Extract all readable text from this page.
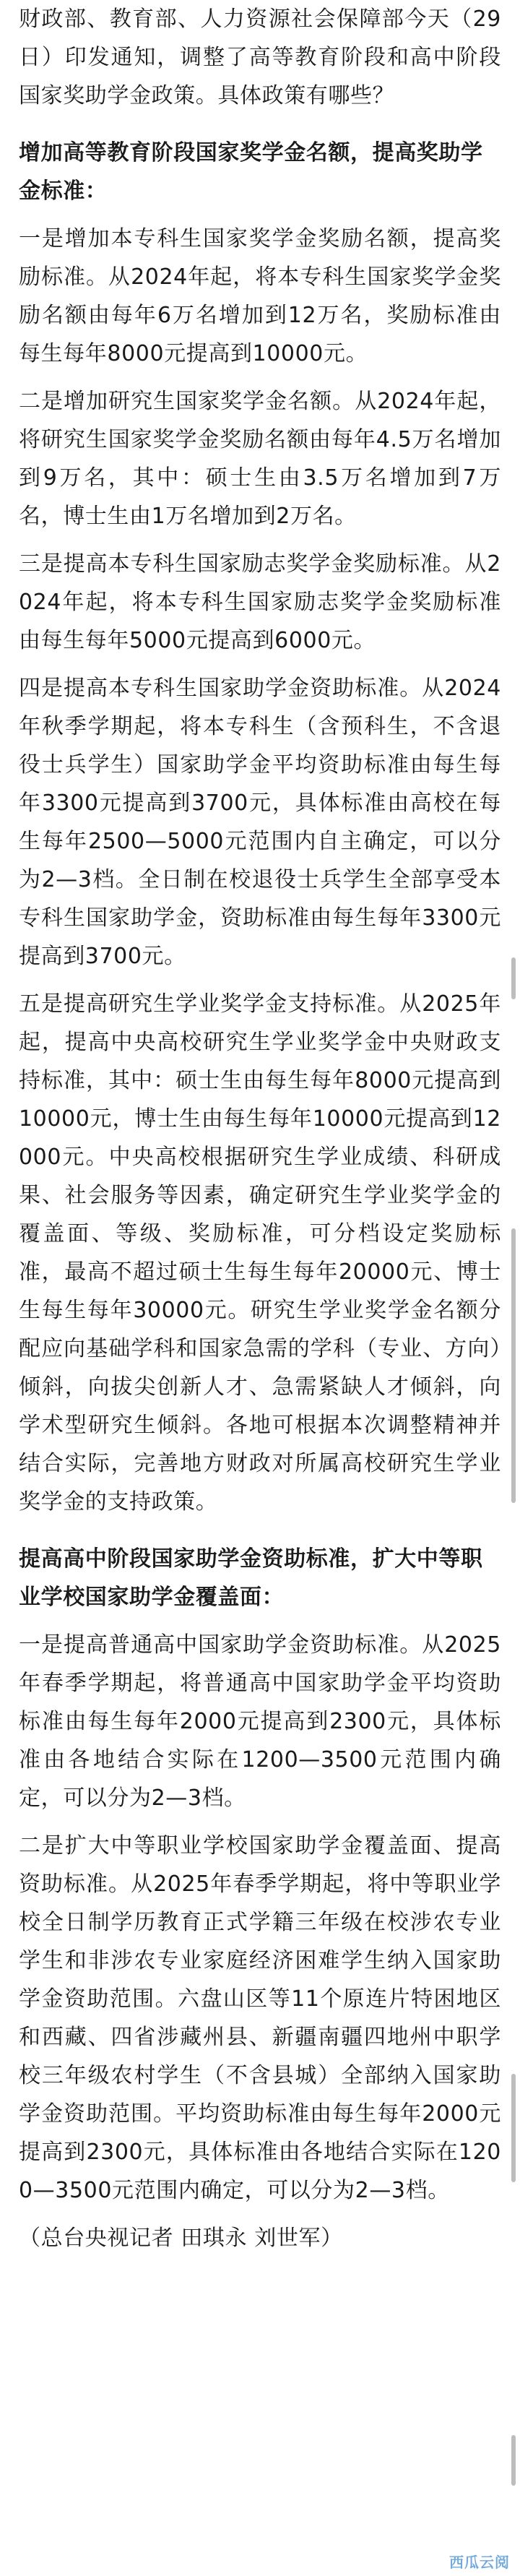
财政部、教育部、人力资源社会保障部今天（29日）印发通知，调整了高等教育阶段和高中阶段国家奖助学金政策。具体政策有哪些？

增加高等教育阶段国家奖学金名额，提高奖助学金标准：

一是增加本专科生国家奖学金奖励名额，提高奖励标准。从2024年起，将本专科生国家奖学金奖励名额由每年6万名增加到12万名，奖励标准由每生每年8000元提高到10000元。

二是增加研究生国家奖学金名额。从2024年起，将研究生国家奖学金奖励名额由每年4.5万名增加到9万名，其中：硕士生由3.5万名增加到7万名，博士生由1万名增加到2万名。

三是提高本专科生国家励志奖学金奖励标准。从2024年起，将本专科生国家励志奖学金奖励标准由每生每年5000元提高到6000元。

四是提高本专科生国家助学金资助标准。从2024年秋季学期起，将本专科生（含预科生，不含退役士兵学生）国家助学金平均资助标准由每生每年3300元提高到3700元，具体标准由高校在每生每年2500—5000元范围内自主确定，可以分为2—3档。全日制在校退役士兵学生全部享受本专科生国家助学金，资助标准由每生每年3300元提高到3700元。

五是提高研究生学业奖学金支持标准。从2025年起，提高中央高校研究生学业奖学金中央财政支持标准，其中：硕士生由每生每年8000元提高到10000元，博士生由每生每年10000元提高到12000元。中央高校根据研究生学业成绩、科研成果、社会服务等因素，确定研究生学业奖学金的覆盖面、等级、奖励标准，可分档设定奖励标准，最高不超过硕士生每生每年20000元、博士生每生每年30000元。研究生学业奖学金名额分配应向基础学科和国家急需的学科（专业、方向）倾斜，向拔尖创新人才、急需紧缺人才倾斜，向学术型研究生倾斜。各地可根据本次调整精神并结合实际，完善地方财政对所属高校研究生学业奖学金的支持政策。

提高高中阶段国家助学金资助标准，扩大中等职业学校国家助学金覆盖面：

一是提高普通高中国家助学金资助标准。从2025年春季学期起，将普通高中国家助学金平均资助标准由每生每年2000元提高到2300元，具体标准由各地结合实际在1200—3500元范围内确定，可以分为2—3档。

二是扩大中等职业学校国家助学金覆盖面、提高资助标准。从2025年春季学期起，将中等职业学校全日制学历教育正式学籍三年级在校涉农专业学生和非涉农专业家庭经济困难学生纳入国家助学金资助范围。六盘山区等11个原连片特困地区和西藏、四省涉藏州县、新疆南疆四地州中职学校三年级农村学生（不含县城）全部纳入国家助学金资助范围。平均资助标准由每生每年2000元提高到2300元，具体标准由各地结合实际在1200—3500元范围内确定，可以分为2—3档。

（总台央视记者 田琪永 刘世军）

西瓜云阅
